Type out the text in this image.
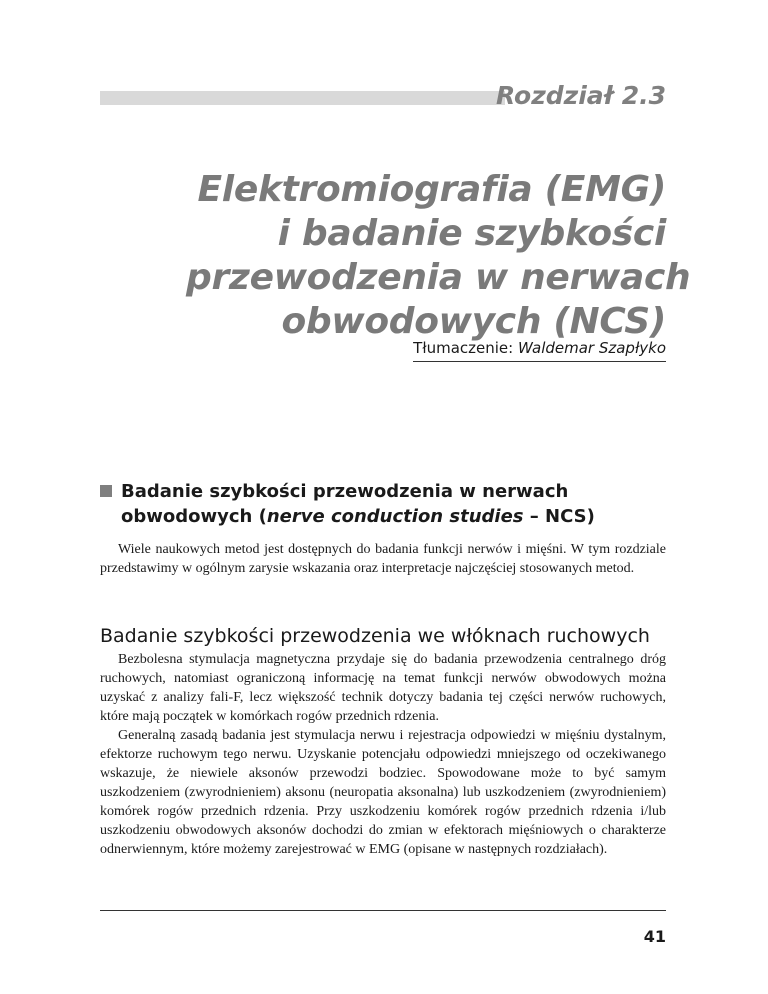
Rozdział 2.3
Elektromiografia (EMG)
i badanie szybkości
przewodzenia w nerwach
obwodowych (NCS)
Tłumaczenie: Waldemar Szapłyko
Badanie szybkości przewodzenia w nerwach
obwodowych (nerve conduction studies – NCS)

Wiele naukowych metod jest dostępnych do badania funkcji nerwów i mięśni. W tym rozdziale przedstawimy w ogólnym zarysie wskazania oraz interpretacje najczęściej stosowanych metod.

Badanie szybkości przewodzenia we włóknach ruchowych

Bezbolesna stymulacja magnetyczna przydaje się do badania przewodzenia centralnego dróg ruchowych, natomiast ograniczoną informację na temat funkcji nerwów obwodowych można uzyskać z analizy fali-F, lecz większość technik dotyczy badania tej części nerwów ruchowych, które mają początek w komórkach rogów przednich rdzenia.

Generalną zasadą badania jest stymulacja nerwu i rejestracja odpowiedzi w mięśniu dystalnym, efektorze ruchowym tego nerwu. Uzyskanie potencjału odpowiedzi mniejszego od oczekiwanego wskazuje, że niewiele aksonów przewodzi bodziec. Spowodowane może to być samym uszkodzeniem (zwyrodnieniem) aksonu (neuropatia aksonalna) lub uszkodzeniem (zwyrodnieniem) komórek rogów przednich rdzenia. Przy uszkodzeniu komórek rogów przednich rdzenia i/lub uszkodzeniu obwodowych aksonów dochodzi do zmian w efektorach mięśniowych o charakterze odnerwiennym, które możemy zarejestrować w EMG (opisane w następnych rozdziałach).

41
